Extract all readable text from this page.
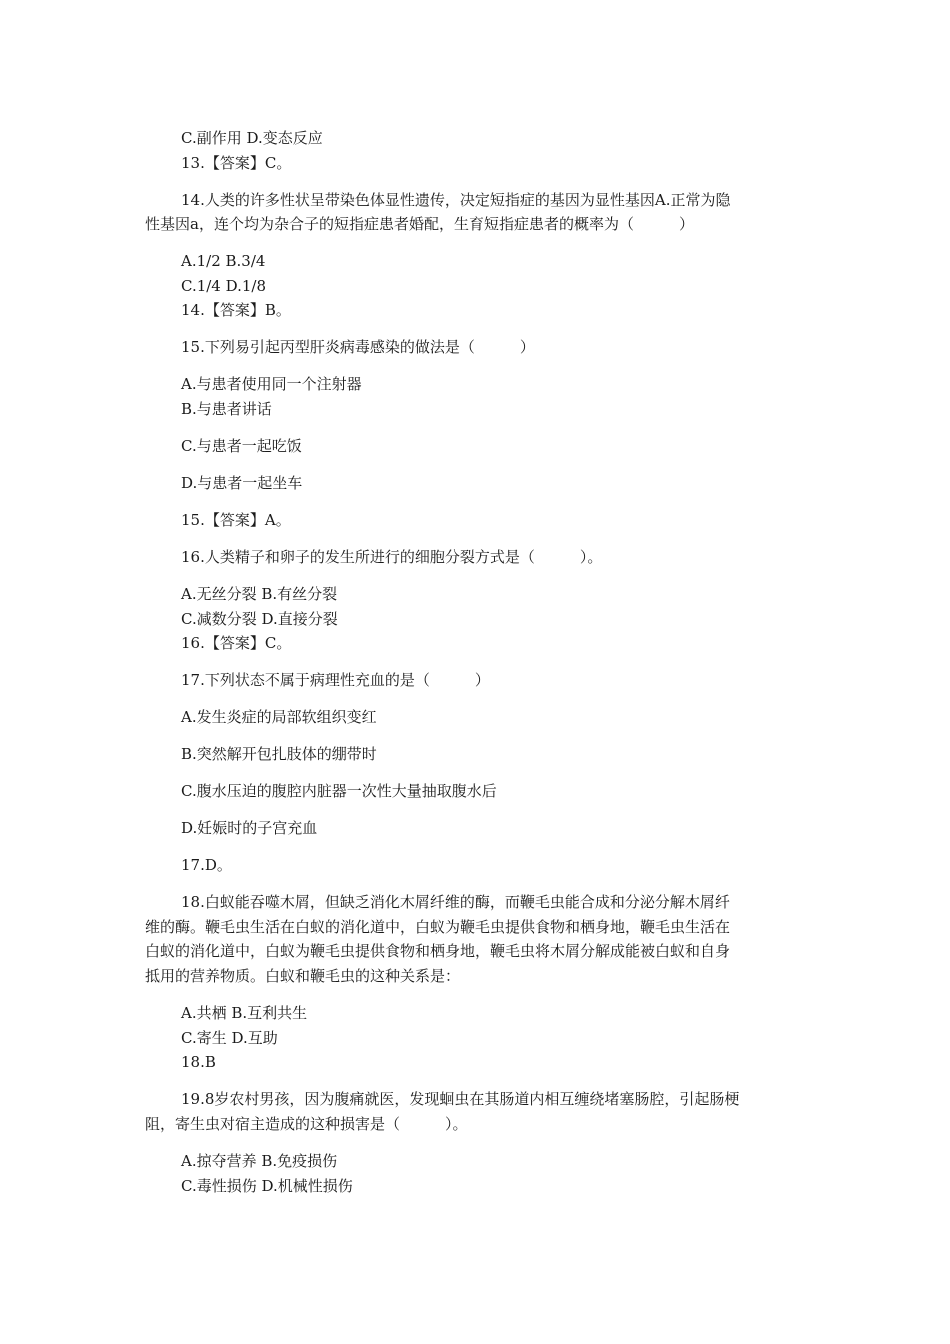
C.副作用 D.变态反应
13.【答案】C。
14.人类的许多性状呈带染色体显性遗传，决定短指症的基因为显性基因A.正常为隐
性基因a，连个均为杂合子的短指症患者婚配，生育短指症患者的概率为（　　　）
A.1/2 B.3/4
C.1/4 D.1/8
14.【答案】B。
15.下列易引起丙型肝炎病毒感染的做法是（　　　）
A.与患者使用同一个注射器
B.与患者讲话
C.与患者一起吃饭
D.与患者一起坐车
15.【答案】A。
16.人类精子和卵子的发生所进行的细胞分裂方式是（　　　）。
A.无丝分裂 B.有丝分裂
C.减数分裂 D.直接分裂
16.【答案】C。
17.下列状态不属于病理性充血的是（　　　）
A.发生炎症的局部软组织变红
B.突然解开包扎肢体的绷带时
C.腹水压迫的腹腔内脏器一次性大量抽取腹水后
D.妊娠时的子宫充血
17.D。
18.白蚁能吞噬木屑，但缺乏消化木屑纤维的酶，而鞭毛虫能合成和分泌分解木屑纤
维的酶。鞭毛虫生活在白蚁的消化道中，白蚁为鞭毛虫提供食物和栖身地，鞭毛虫生活在
白蚁的消化道中，白蚁为鞭毛虫提供食物和栖身地，鞭毛虫将木屑分解成能被白蚁和自身
抵用的营养物质。白蚁和鞭毛虫的这种关系是：
A.共栖 B.互利共生
C.寄生 D.互助
18.B
19.8岁农村男孩，因为腹痛就医，发现蛔虫在其肠道内相互缠绕堵塞肠腔，引起肠梗
阻，寄生虫对宿主造成的这种损害是（　　　）。
A.掠夺营养 B.免疫损伤
C.毒性损伤 D.机械性损伤
